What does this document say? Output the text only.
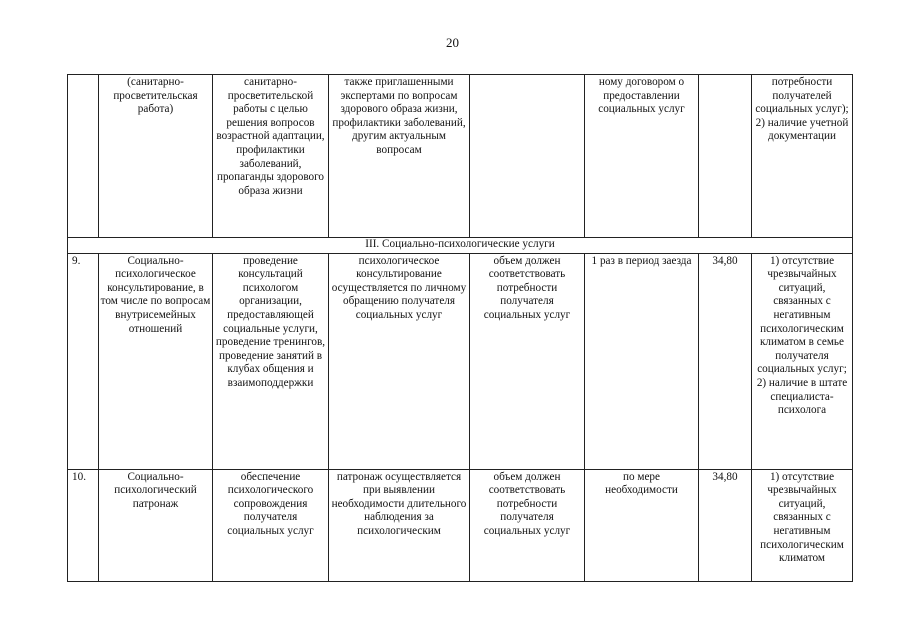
20
	(санитарно-просветительская работа)	санитарно-просветительской работы с целью решения вопросов возрастной адаптации, профилактики заболеваний, пропаганды здорового образа жизни	также приглашенными экспертами по вопросам здорового образа жизни, профилактики заболеваний, другим актуальным вопросам		ному договором о предоставлении социальных услуг		потребности получателей социальных услуг); 2) наличие учетной документации
III. Социально-психологические услуги							
9.	Социально-психологическое консультирование, в том числе по вопросам внутрисемейных отношений	проведение консультаций психологом организации, предоставляющей социальные услуги, проведение тренингов, проведение занятий в клубах общения и взаимоподдержки	психологическое консультирование осуществляется по личному обращению получателя социальных услуг	объем должен соответствовать потребности получателя социальных услуг	1 раз в период заезда	34,80	1) отсутствие чрезвычайных ситуаций, связанных с негативным психологическим климатом в семье получателя социальных услуг; 2) наличие в штате специалиста-психолога
10.	Социально-психологический патронаж	обеспечение психологического сопровождения получателя социальных услуг	патронаж осуществляется при выявлении необходимости длительного наблюдения за психологическим	объем должен соответствовать потребности получателя социальных услуг	по мере необходимости	34,80	1) отсутствие чрезвычайных ситуаций, связанных с негативным психологическим климатом
